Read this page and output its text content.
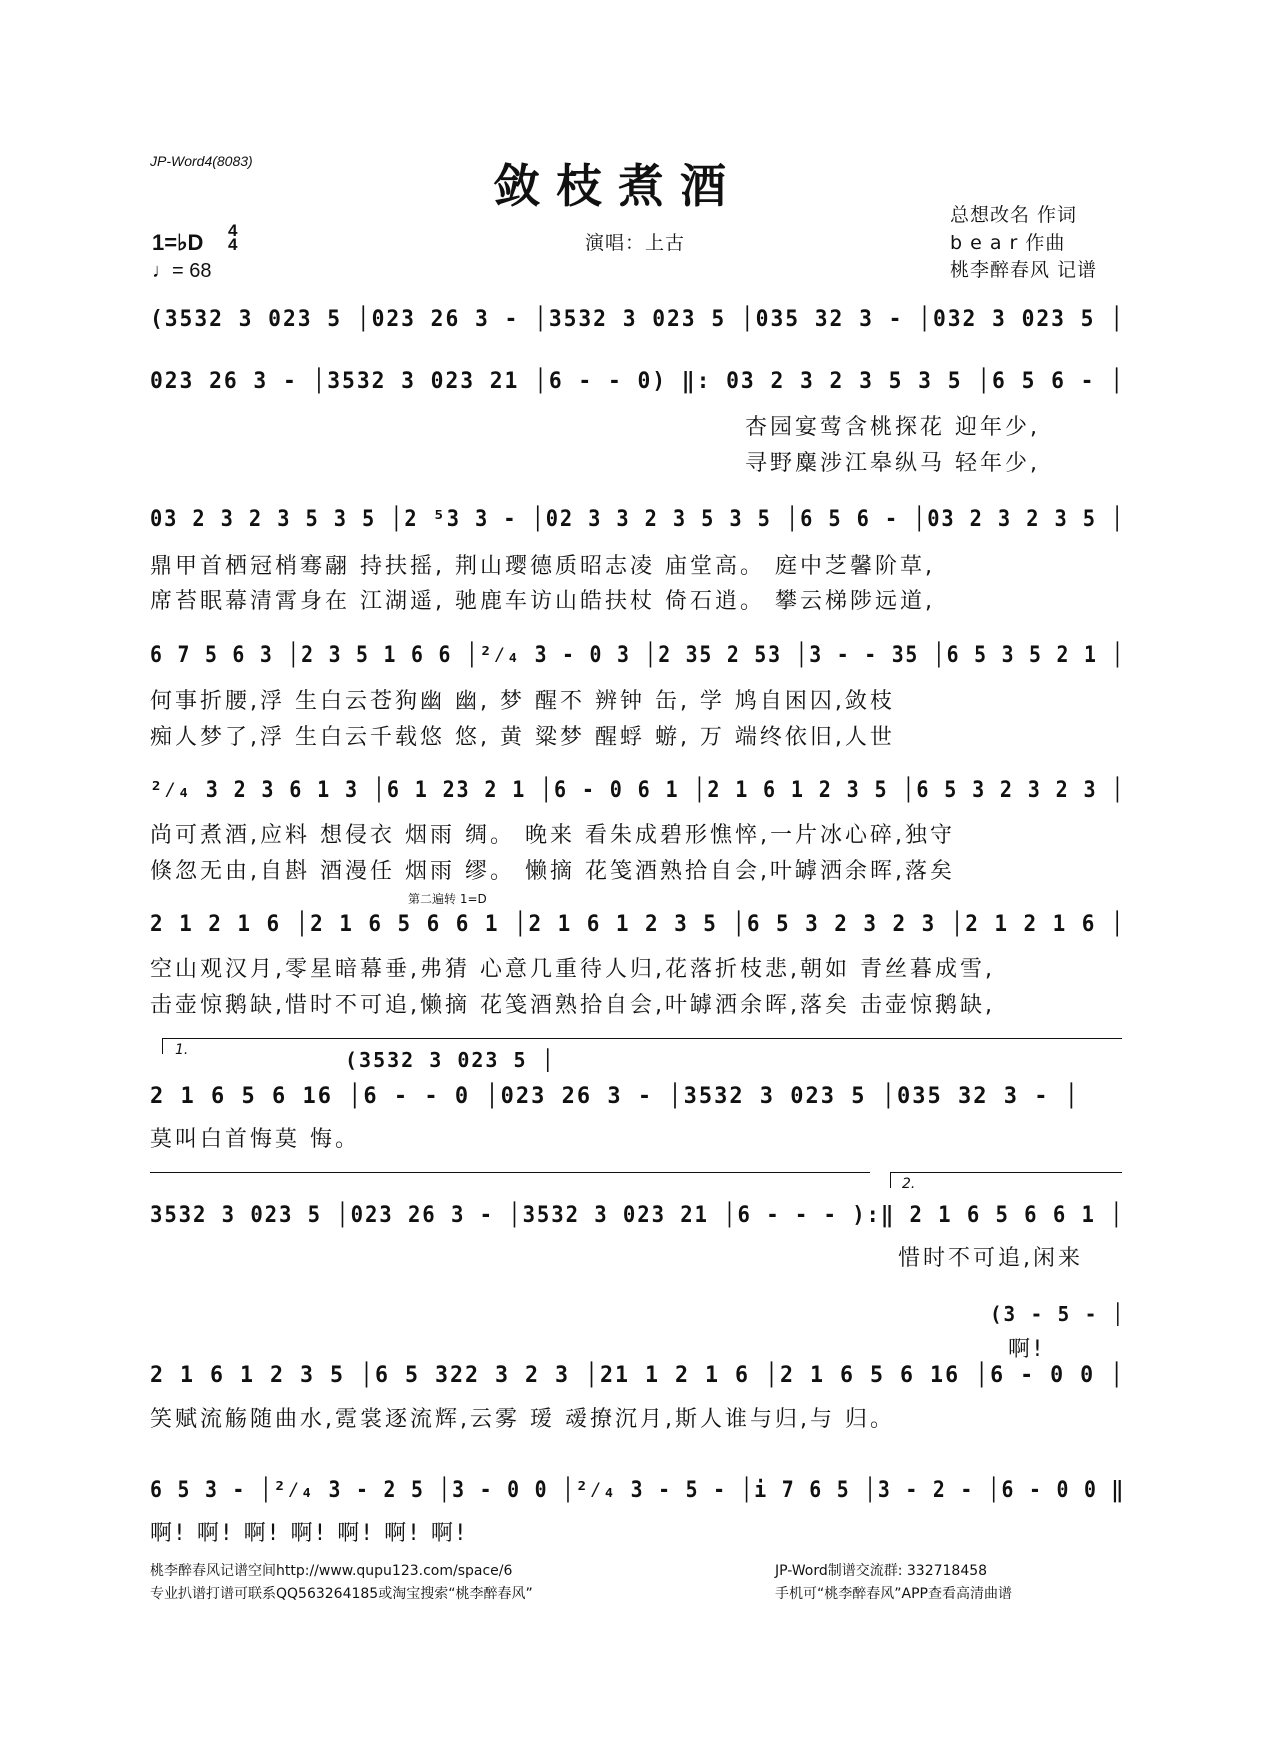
JP-Word4(8083)	敛枝煮酒
1=♭D 4
4
♩= 68
演唱：上古
总想改名 作词
b e a r 作曲
桃李醉春风 记谱
(3532 3 023 5 │023 26 3 - │3532 3 023 5 │035 32 3 - │032 3 023 5 │
023 26 3 - │3532 3 023 21 │6 - - 0) ‖: 03 2 3 2 3 5 3 5 │6 5 6 - │
杏园宴莺含桃探花 迎年少,
寻野麋涉江皋纵马 轻年少,
03 2 3 2 3 5 3 5 │2 ⁵3 3 - │02 3 3 2 3 5 3 5 │6 5 6 - │03 2 3 2 3 5 │
鼎甲首栖冠梢骞翮 持扶摇, 荆山璎德质昭志凌 庙堂高。 庭中芝馨阶草,
席苔眠幕清霄身在 江湖遥, 驰鹿车访山皓扶杖 倚石逍。 攀云梯陟远道,
6 7 5 6 3 │2 3 5 1 6 6 │²⁄₄ 3 - 0 3 │2 35 2 53 │3 - - 35 │6 5 3 5 2 1 │
何事折腰,浮 生白云苍狗幽 幽, 梦 醒不 辨钟 缶, 学 鸠自困囚,敛枝
痴人梦了,浮 生白云千载悠 悠, 黄 粱梦 醒蜉 蝣, 万 端终依旧,人世
²⁄₄ 3 2 3 6 1 3 │6 1 23 2 1 │6 - 0 6 1 │2 1 6 1 2 3 5 │6 5 3 2 3 2 3 │
尚可煮酒,应料 想侵衣 烟雨 绸。 晚来 看朱成碧形憔悴,一片冰心碎,独守
倏忽无由,自斟 酒漫任 烟雨 缪。 懒摘 花笺酒熟拾自会,叶罅洒余晖,落矣
第二遍转 1=D
2 1 2 1 6 │2 1 6 5 6 6 1 │2 1 6 1 2 3 5 │6 5 3 2 3 2 3 │2 1 2 1 6 │
空山观汉月,零星暗幕垂,弗猜 心意几重待人归,花落折枝悲,朝如 青丝暮成雪,
击壶惊鹅缺,惜时不可追,懒摘 花笺酒熟拾自会,叶罅洒余晖,落矣 击壶惊鹅缺,
1.	(3532 3 023 5 │
2 1 6 5 6 16 │6 - - 0 │023 26 3 - │3532 3 023 5 │035 32 3 - │
莫叫白首悔莫 悔。
2.
3532 3 023 5 │023 26 3 - │3532 3 023 21 │6 - - - ):‖ 2 1 6 5 6 6 1 │
惜时不可追,闲来
(3 - 5 - │
啊!
2 1 6 1 2 3 5 │6 5 322 3 2 3 │21 1 2 1 6 │2 1 6 5 6 16 │6 - 0 0 │
笑赋流觞随曲水,霓裳逐流辉,云雾 瑷 叆撩沉月,斯人谁与归,与 归。
6 5 3 - │²⁄₄ 3 - 2 5 │3 - 0 0 │²⁄₄ 3 - 5 - │i 7 6 5 │3 - 2 - │6 - 0 0 ‖
啊! 啊! 啊! 啊! 啊! 啊! 啊!
桃李醉春风记谱空间http://www.qupu123.com/space/6
专业扒谱打谱可联系QQ563264185或淘宝搜索“桃李醉春风”
JP-Word制谱交流群: 332718458
手机可“桃李醉春风”APP查看高清曲谱
